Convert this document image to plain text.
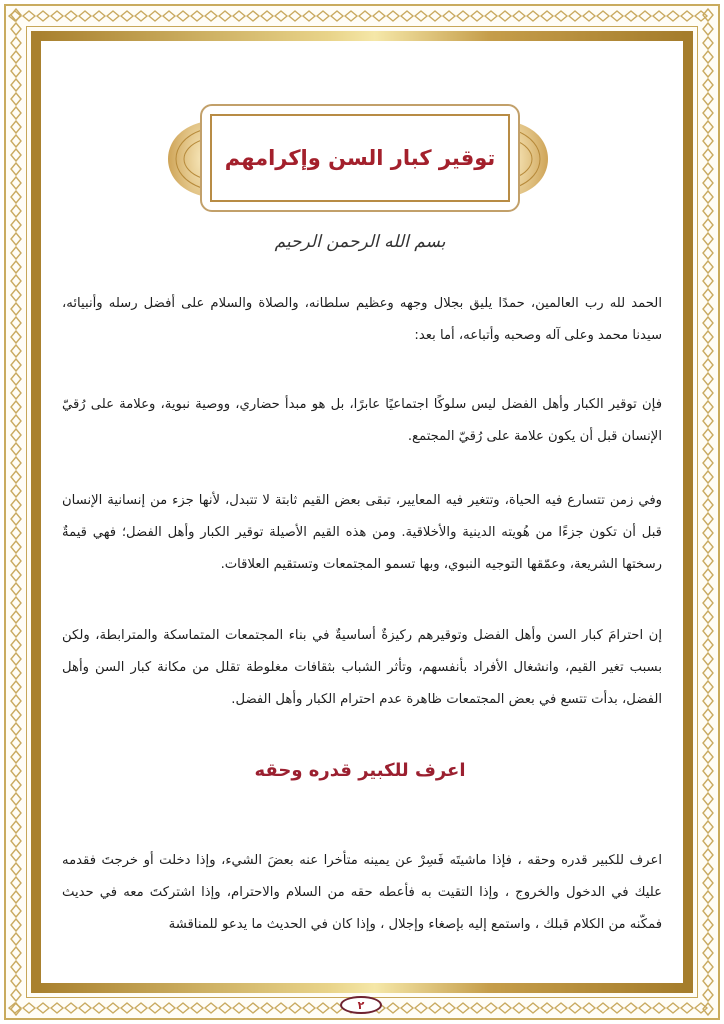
توقير كبار السن وإكرامهم
بسم الله الرحمن الرحيم
الحمد لله رب العالمين، حمدًا يليق بجلال وجهه وعظيم سلطانه، والصلاة والسلام على أفضل رسله وأنبيائه، سيدنا محمد وعلى آله وصحبه وأتباعه، أما بعد:
فإن توقير الكبار وأهل الفضل ليس سلوكًا اجتماعيًا عابرًا، بل هو مبدأ حضاري، ووصية نبوية، وعلامة على رُقيّ الإنسان قبل أن يكون علامة على رُقيّ المجتمع.
وفي زمن تتسارع فيه الحياة، وتتغير فيه المعايير، تبقى بعض القيم ثابتة لا تتبدل، لأنها جزء من إنسانية الإنسان قبل أن تكون جزءًا من هُويته الدينية والأخلاقية. ومن هذه القيم الأصيلة توقير الكبار وأهل الفضل؛ فهي قيمةٌ رسختها الشريعة، وعمّقها التوجيه النبوي، وبها تسمو المجتمعات وتستقيم العلاقات.
إن احترامَ كبار السن وأهل الفضل وتوقيرهم ركيزةٌ أساسيةٌ في بناء المجتمعات المتماسكة والمترابطة، ولكن بسبب تغير القيم، وانشغال الأفراد بأنفسهم، وتأثر الشباب بثقافات مغلوطة تقلل من مكانة كبار السن وأهل الفضل، بدأت تتسع في بعض المجتمعات ظاهرة عدم احترام الكبار وأهل الفضل.
اعرف للكبير قدره وحقه
اعرف للكبير قدره وحقه ، فإذا ماشيتَه فَسِرْ عن يمينه متأخرا عنه بعضَ الشيء، وإذا دخلت أو خرجتَ فقدمه عليك في الدخول والخروج ، وإذا التقيت به فأعطه حقه من السلام والاحترام، وإذا اشتركتَ معه في حديث فمكّنه من الكلام قبلك ، واستمع إليه بإصغاء وإجلال ، وإذا كان في الحديث ما يدعو للمناقشة
٢
